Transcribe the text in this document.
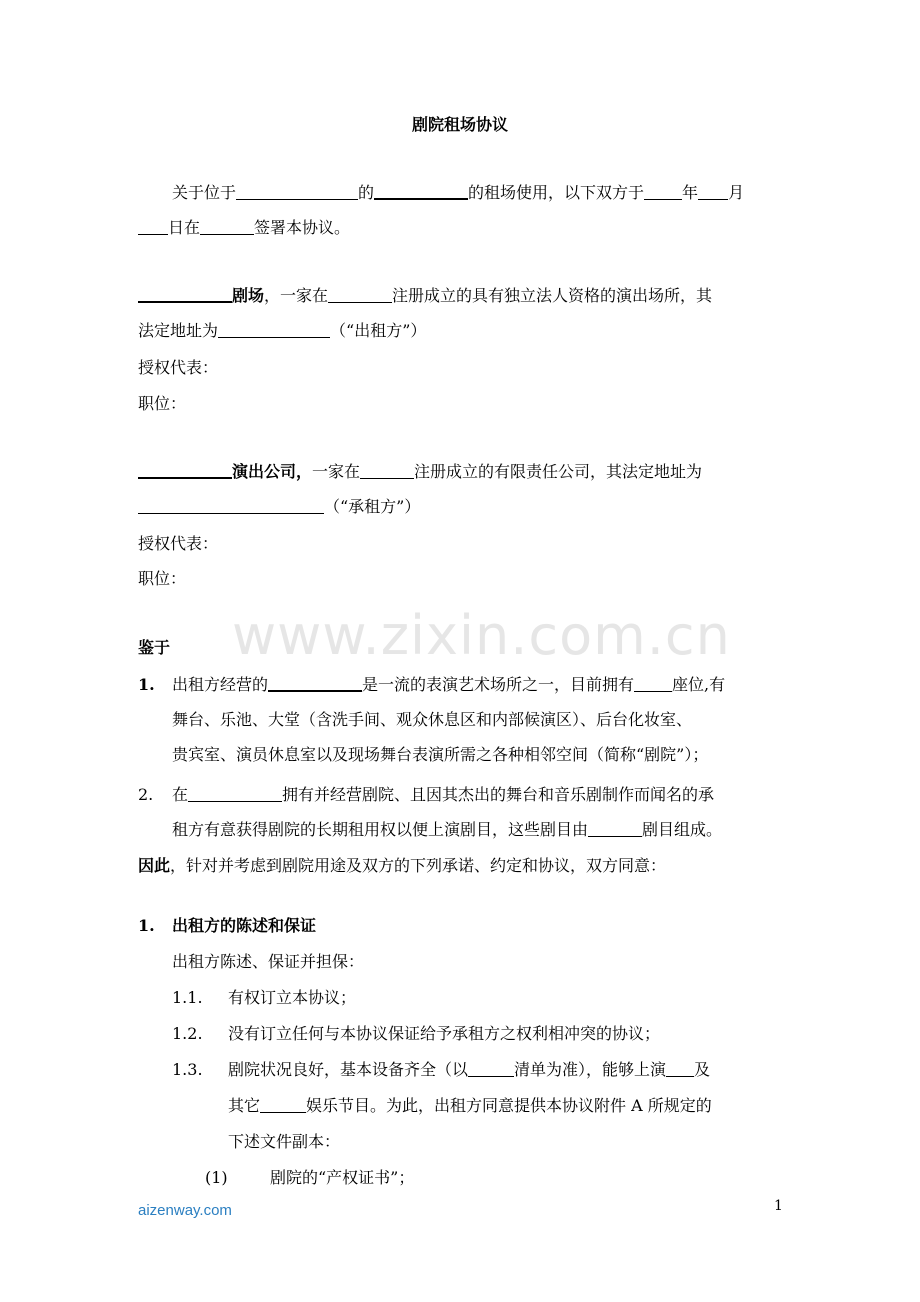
剧院租场协议
关于位于	的	的租场使用，以下双方于 年 月
日在	签署本协议。
剧场，一家在	注册成立的具有独立法人资格的演出场所，其
法定地址为	（“出租方”）
授权代表：
职位：
演出公司，一家在	注册成立的有限责任公司，其法定地址为
（“承租方”）
授权代表：
职位：
鉴于
1. 出租方经营的	是一流的表演艺术场所之一，目前拥有 座位,有
舞台、乐池、大堂（含洗手间、观众休息区和内部候演区）、后台化妆室、
贵宾室、演员休息室以及现场舞台表演所需之各种相邻空间（简称“剧院”）；
2. 在	拥有并经营剧院、且因其杰出的舞台和音乐剧制作而闻名的承
租方有意获得剧院的长期租用权以便上演剧目，这些剧目由	剧目组成。
因此，针对并考虑到剧院用途及双方的下列承诺、约定和协议，双方同意：
1. 出租方的陈述和保证
出租方陈述、保证并担保：
1.1. 有权订立本协议；
1.2. 没有订立任何与本协议保证给予承租方之权利相冲突的协议；
1.3. 剧院状况良好，基本设备齐全（以	清单为准），能够上演 及
其它	娱乐节目。为此，出租方同意提供本协议附件 A 所规定的
下述文件副本：
(1)	剧院的“产权证书”；
www.zixin.com.cn
aizenway.com	1
